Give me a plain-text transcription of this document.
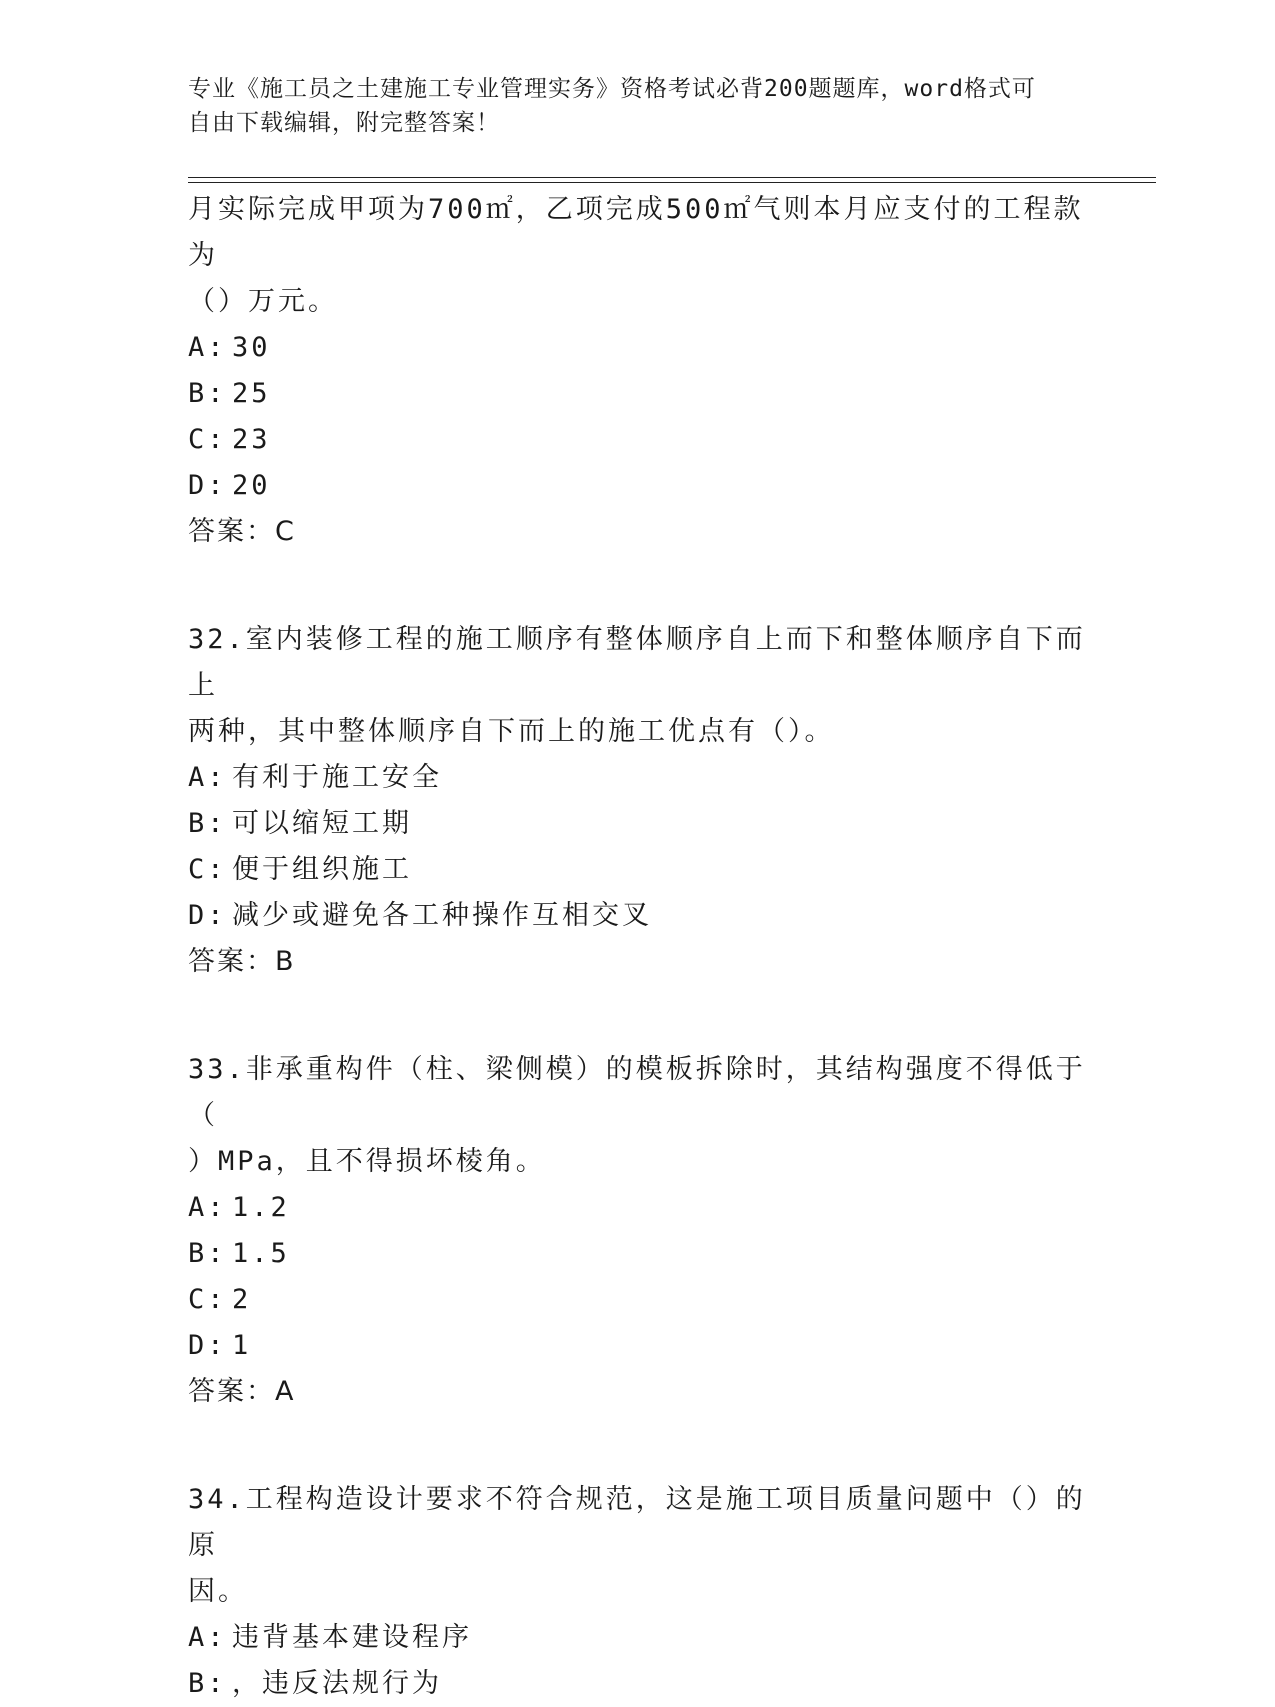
专业《施工员之土建施工专业管理实务》资格考试必背200题题库，word格式可
自由下载编辑，附完整答案！
月实际完成甲项为700㎡，乙项完成500㎡气则本月应支付的工程款为
（）万元。
A: 30
B: 25
C: 23
D: 20
答案：C
32.室内装修工程的施工顺序有整体顺序自上而下和整体顺序自下而上
两种，其中整体顺序自下而上的施工优点有（）。
A: 有利于施工安全
B: 可以缩短工期
C: 便于组织施工
D: 减少或避免各工种操作互相交叉
答案：B
33.非承重构件（柱、梁侧模）的模板拆除时，其结构强度不得低于（
）MPa，且不得损坏棱角。
A: 1.2
B: 1.5
C: 2
D: 1
答案：A
34.工程构造设计要求不符合规范，这是施工项目质量问题中（）的原
因。
A: 违背基本建设程序
B: ，违反法规行为
